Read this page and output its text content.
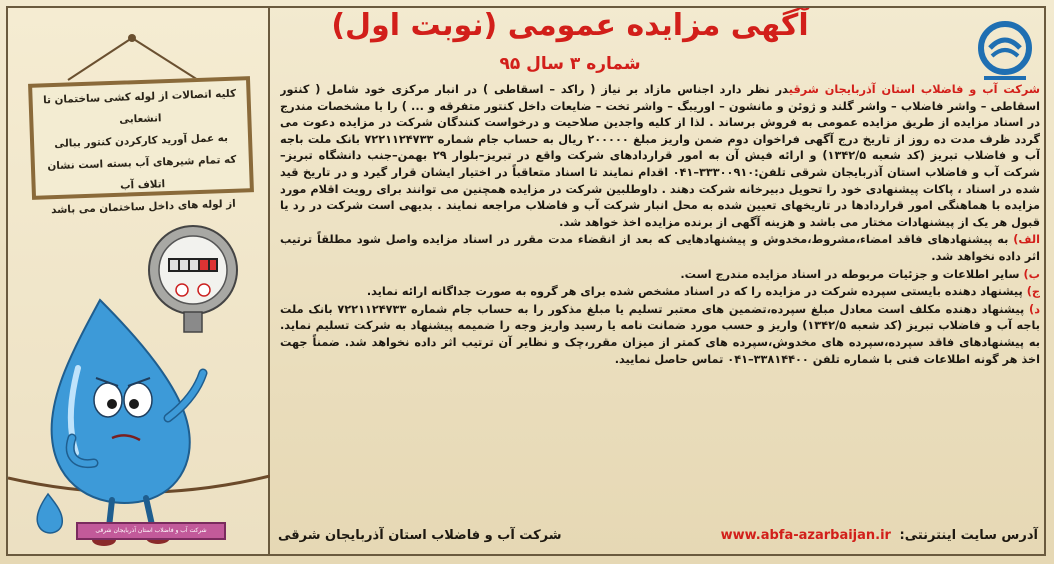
کلیه اتصالات از لوله کشی ساختمان تا انشعابی

به عمل آورید کارکردن کنتور ببالی

که تمام شیرهای آب بسته است نشان اتلاف آب

از لوله های داخل ساختمان می باشد

شرکت آب و فاضلاب استان آذربایجان شرقی
آگهی مزایده عمومی (نوبت اول)
شماره ۳ سال ۹۵

شرکت آب و فاضلاب استان آذربایجان شرقیدر نظر دارد اجناس مازاد بر نیاز ( راکد – اسقاطی ) در انبار مرکزی خود شامل ( کنتور اسقاطی – واشر فاضلاب – واشر گلند و ژوئن و مانشون – اوریبگ – واشر تخت – ضایعات داخل کنتور متفرقه و ... ) را با مشخصات مندرج در اسناد مزایده از طریق مزایده عمومی به فروش برساند . لذا از کلیه واجدین صلاحیت و درخواست کنندگان شرکت در مزایده دعوت می گردد ظرف مدت ده روز از تاریخ درج آگهی فراخوان دوم ضمن واریز مبلغ ۲۰۰۰۰۰ ریال به حساب جام شماره ۷۲۲۱۱۲۴۷۳۳ بانک ملت باجه آب و فاضلاب تبریز (کد شعبه ۱۳۴۲/۵) و ارائه فیش آن به امور قراردادهای شرکت واقع در تبریز–بلوار ۲۹ بهمن–جنب دانشگاه تبریز– شرکت آب و فاضلاب استان آذربایجان شرقی تلفن:۳۳۳۰۰۹۱۰–۰۴۱ اقدام نمایند تا اسناد متعاقباً در اختیار ایشان قرار گیرد و در تاریخ قید شده در اسناد ، پاکات پیشنهادی خود را تحویل دبیرخانه شرکت دهند . داوطلبین شرکت در مزایده همچنین می توانند برای رویت اقلام مورد مزایده با هماهنگی امور قراردادها در تاریخهای تعیین شده به محل انبار شرکت آب و فاضلاب مراجعه نمایند . بدیهی است شرکت در رد یا قبول هر یک از پیشنهادات مختار می باشد و هزینه آگهی از برنده مزایده اخذ خواهد شد.

الف) به پیشنهادهای فاقد امضاء،مشروط،مخدوش و پیشنهادهایی که بعد از انقضاء مدت مقرر در اسناد مزایده واصل شود مطلقاً ترتیب اثر داده نخواهد شد.

ب) سایر اطلاعات و جزئیات مربوطه در اسناد مزایده مندرج است.

ج) پیشنهاد دهنده بایستی سپرده شرکت در مزایده را که در اسناد مشخص شده برای هر گروه به صورت جداگانه ارائه نماید.

د) پیشنهاد دهنده مکلف است معادل مبلغ سپرده،تضمین های معتبر تسلیم یا مبلغ مذکور را به حساب جام شماره ۷۲۲۱۱۲۴۷۳۳ بانک ملت باجه آب و فاضلاب تبریز (کد شعبه ۱۳۴۲/۵) واریز و حسب مورد ضمانت نامه یا رسید واریز وجه را ضمیمه پیشنهاد به شرکت تسلیم نماید. به پیشنهادهای فاقد سپرده،سپرده های مخدوش،سپرده های کمتر از میزان مقرر،چک و نظایر آن ترتیب اثر داده نخواهد شد. ضمناً جهت اخذ هر گونه اطلاعات فنی با شماره تلفن ۳۳۸۱۴۴۰۰–۰۴۱ تماس حاصل نمایید.

آدرس سایت اینترنتی: www.abfa-azarbaijan.ir
شرکت آب و فاضلاب استان آذربایجان شرقی
